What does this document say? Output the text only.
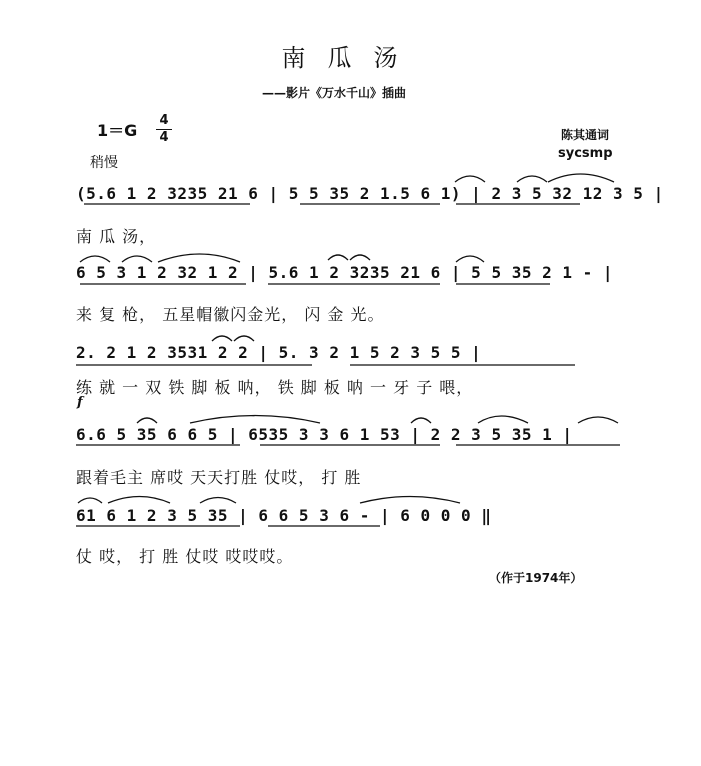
南瓜汤
——影片《万水千山》插曲
1＝G
4
4
稍慢
陈其通词
sycsmp
f
(5.6 1 2 3235 21 6 | 5 5 35 2 1.5 6 1) | 2 3 5 32 12 3 5 |
南 瓜 汤，
6 5 3 1 2 32 1 2 | 5.6 1 2 3235 21 6 | 5 5 35 2 1 - |
来 复 枪， 五星帽徽闪金光， 闪 金 光。
2. 2 1 2 3531 2 2 | 5. 3 2 1 5 2 3 5 5 |
练 就 一 双 铁 脚 板 呐， 铁 脚 板 呐 一 牙 子 喂，
6.6 5 35 6 6 5 | 6535 3 3 6 1 53 | 2 2 3 5 35 1 |
跟着毛主 席哎 天天打胜 仗哎， 打 胜
61 6 1 2 3 5 35 | 6 6 5 3 6 - | 6 0 0 0 ‖
仗 哎， 打 胜 仗哎 哎哎哎。
（作于1974年）
